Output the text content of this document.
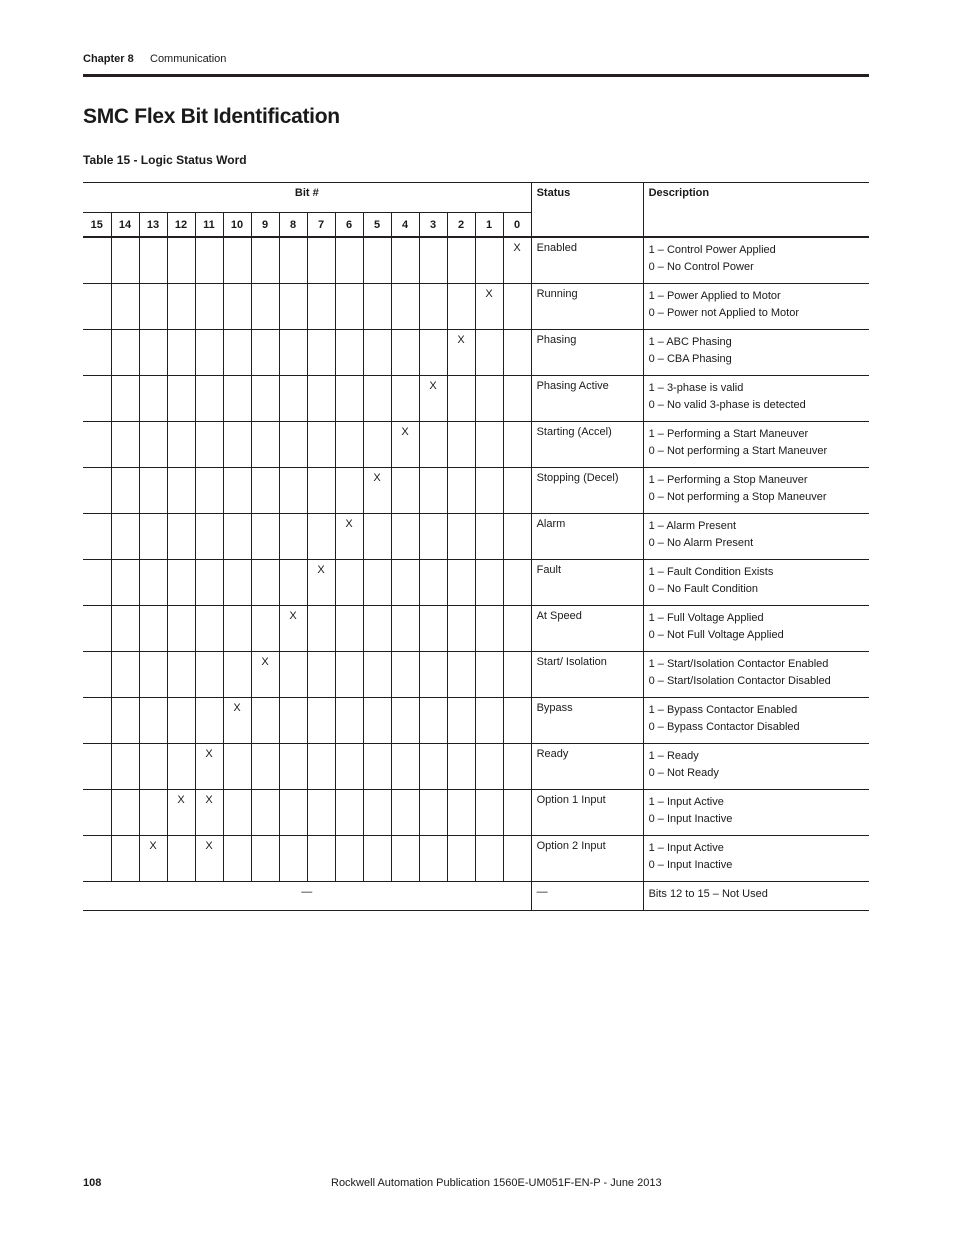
Chapter 8 Communication
SMC Flex Bit Identification
Table 15 - Logic Status Word
Bit #																Status	Description
15	14	13	12	11	10	9	8	7	6	5	4	3	2	1	0		
															X	Enabled	1 – Control Power Applied
0 – No Control Power

														X		Running	1 – Power Applied to Motor
0 – Power not Applied to Motor

													X			Phasing	1 – ABC Phasing
0 – CBA Phasing

												X				Phasing Active	1 – 3-phase is valid
0 – No valid 3-phase is detected

											X					Starting (Accel)	1 – Performing a Start Maneuver
0 – Not performing a Start Maneuver

										X						Stopping (Decel)	1 – Performing a Stop Maneuver
0 – Not performing a Stop Maneuver

									X							Alarm	1 – Alarm Present
0 – No Alarm Present

								X								Fault	1 – Fault Condition Exists
0 – No Fault Condition

							X									At Speed	1 – Full Voltage Applied
0 – Not Full Voltage Applied

						X										Start/ Isolation	1 – Start/Isolation Contactor Enabled
0 – Start/Isolation Contactor Disabled

					X											Bypass	1 – Bypass Contactor Enabled
0 – Bypass Contactor Disabled

				X												Ready	1 – Ready
0 – Not Ready

			X	X												Option 1 Input	1 – Input Active
0 – Input Inactive

		X		X												Option 2 Input	1 – Input Active
0 – Input Inactive

—																—	Bits 12 to 15 – Not Used
108	Rockwell Automation Publication 1560E-UM051F-EN-P - June 2013
